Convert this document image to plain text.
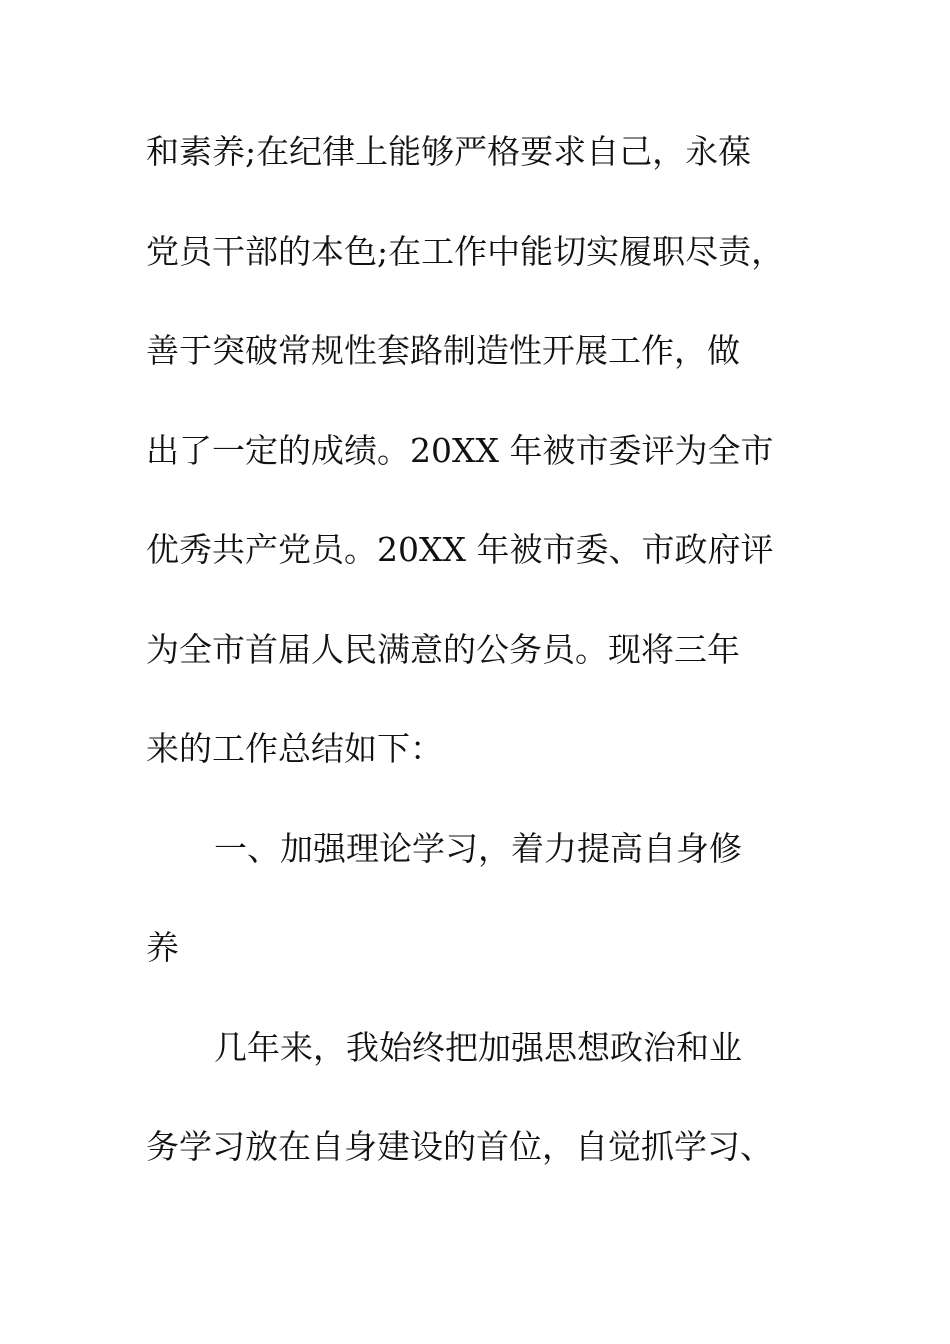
和素养;在纪律上能够严格要求自己，永葆
党员干部的本色;在工作中能切实履职尽责，
善于突破常规性套路制造性开展工作，做
出了一定的成绩。20XX 年被市委评为全市
优秀共产党员。20XX 年被市委、市政府评
为全市首届人民满意的公务员。现将三年
来的工作总结如下：
一、加强理论学习，着力提高自身修
养
几年来，我始终把加强思想政治和业
务学习放在自身建设的首位，自觉抓学习、
